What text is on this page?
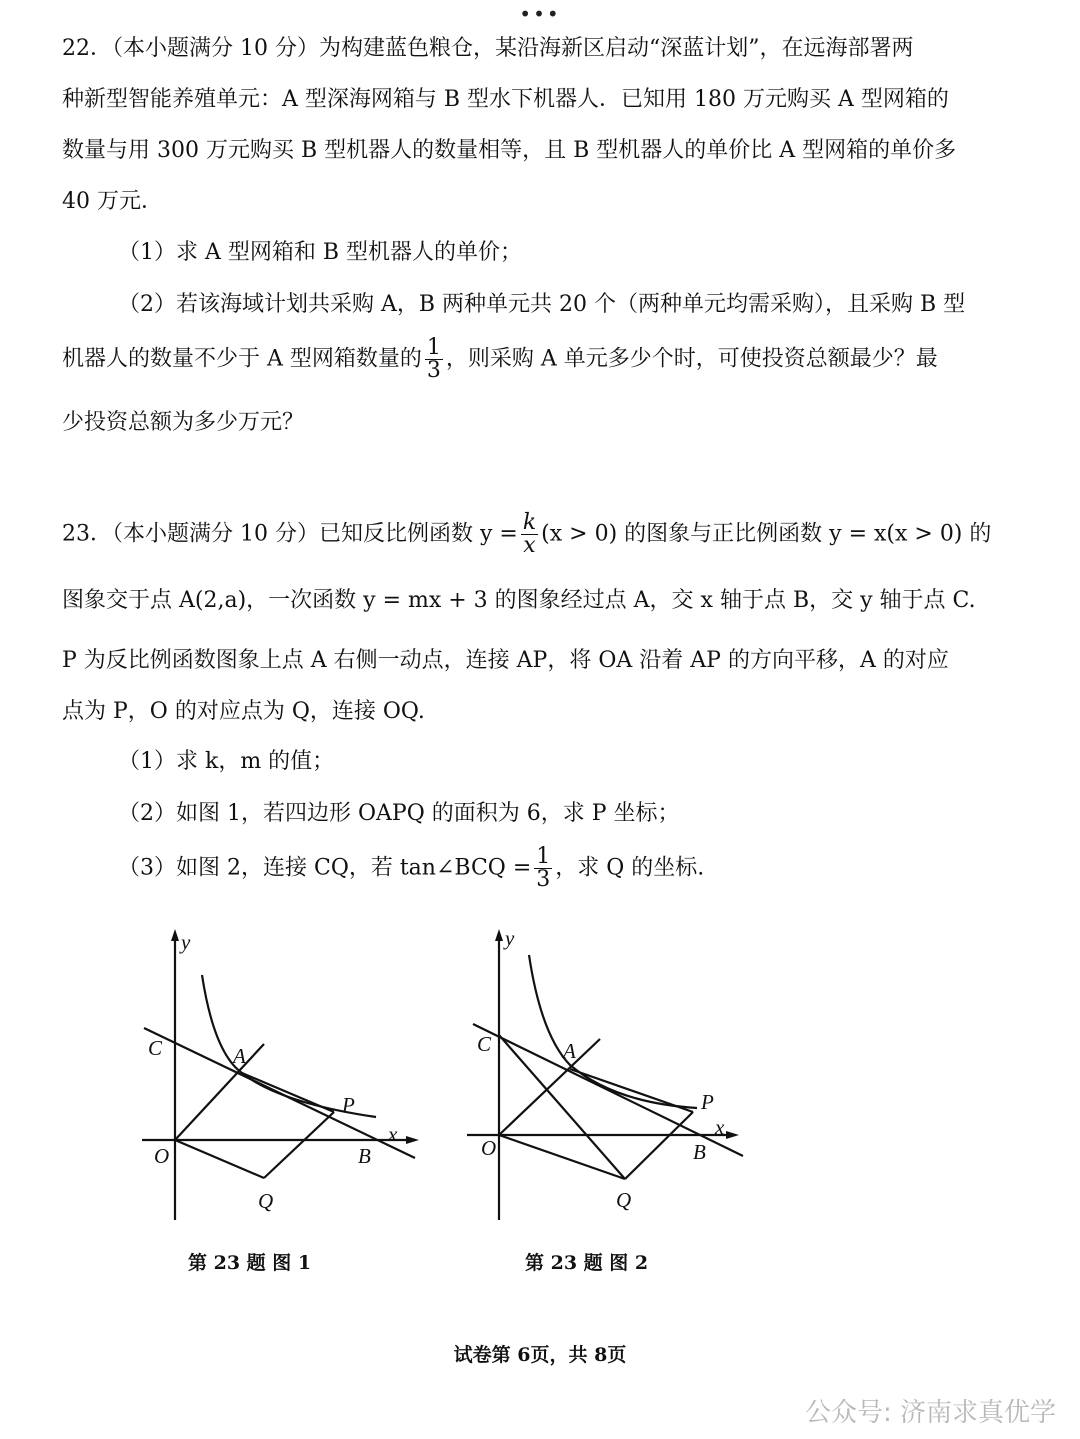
•••
22．（本小题满分 10 分）为构建蓝色粮仓，某沿海新区启动“深蓝计划”，在远海部署两
种新型智能养殖单元：A 型深海网箱与 B 型水下机器人．已知用 180 万元购买 A 型网箱的
数量与用 300 万元购买 B 型机器人的数量相等，且 B 型机器人的单价比 A 型网箱的单价多
40 万元．
（1）求 A 型网箱和 B 型机器人的单价；
（2）若该海域计划共采购 A，B 两种单元共 20 个（两种单元均需采购），且采购 B 型
机器人的数量不少于 A 型网箱数量的 $\frac{1}{3}$ ，则采购 A 单元多少个时，可使投资总额最少？最
少投资总额为多少万元？
23．（本小题满分 10 分）已知反比例函数 $y = \frac{k}{x} (x > 0)$ 的图象与正比例函数 y = x(x > 0) 的
图象交于点 A(2,a)，一次函数 y = mx + 3 的图象经过点 A，交 x 轴于点 B，交 y 轴于点 C.
P 为反比例函数图象上点 A 右侧一动点，连接 AP，将 OA 沿着 AP 的方向平移，A 的对应
点为 P，O 的对应点为 Q，连接 OQ.
（1）求 k，m 的值；
（2）如图 1，若四边形 OAPQ 的面积为 6，求 P 坐标；
（3）如图 2，连接 CQ，若 tan∠BCQ = $\frac{1}{3}$ ，求 Q 的坐标.
y
C	A
P
x
O	B
Q
第 23 题 图 1
y
C	A
P
x
O	B
Q
第 23 题 图 2
试卷第 6页，共 8页
公众号: 济南求真优学
